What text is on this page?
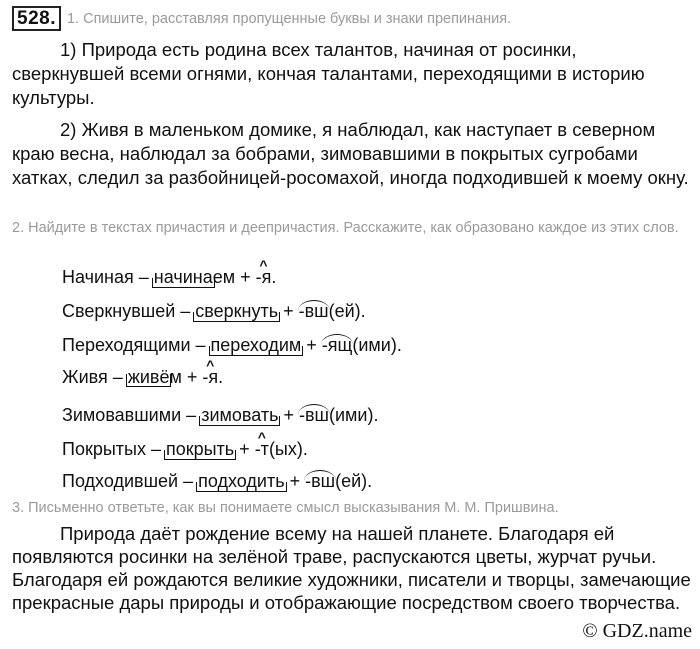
528. 1. Спишите, расставляя пропущенные буквы и знаки препинания.

1) Природа есть родина всех талантов, начиная от росинки, сверкнувшей всеми огнями, кончая талантами, переходящими в историю культуры.

2) Живя в маленьком домике, я наблюдал, как наступает в северном краю весна, наблюдал за бобрами, зимовавшими в покрытых сугробами хатках, следил за разбойницей-росомахой, иногда подходившей к моему окну.

2. Найдите в текстах причастия и деепричастия. Расскажите, как образовано каждое из этих слов.

Начиная – начинаем + ^ -я.
Сверкнувшей – сверкнуть + -вш(ей).
Переходящими – переходим + -ящ(ими).
Живя – живём + ^ -я.
Зимовавшими – зимовать + -вш(ими).
Покрытых – покрыть + ^ -т(ых).
Подходившей – подходить + -вш(ей).

3. Письменно ответьте, как вы понимаете смысл высказывания М. М. Пришвина.

Природа даёт рождение всему на нашей планете. Благодаря ей появляются росинки на зелёной траве, распускаются цветы, журчат ручьи. Благодаря ей рождаются великие художники, писатели и творцы, замечающие прекрасные дары природы и отображающие посредством своего творчества.

© GDZ.name
